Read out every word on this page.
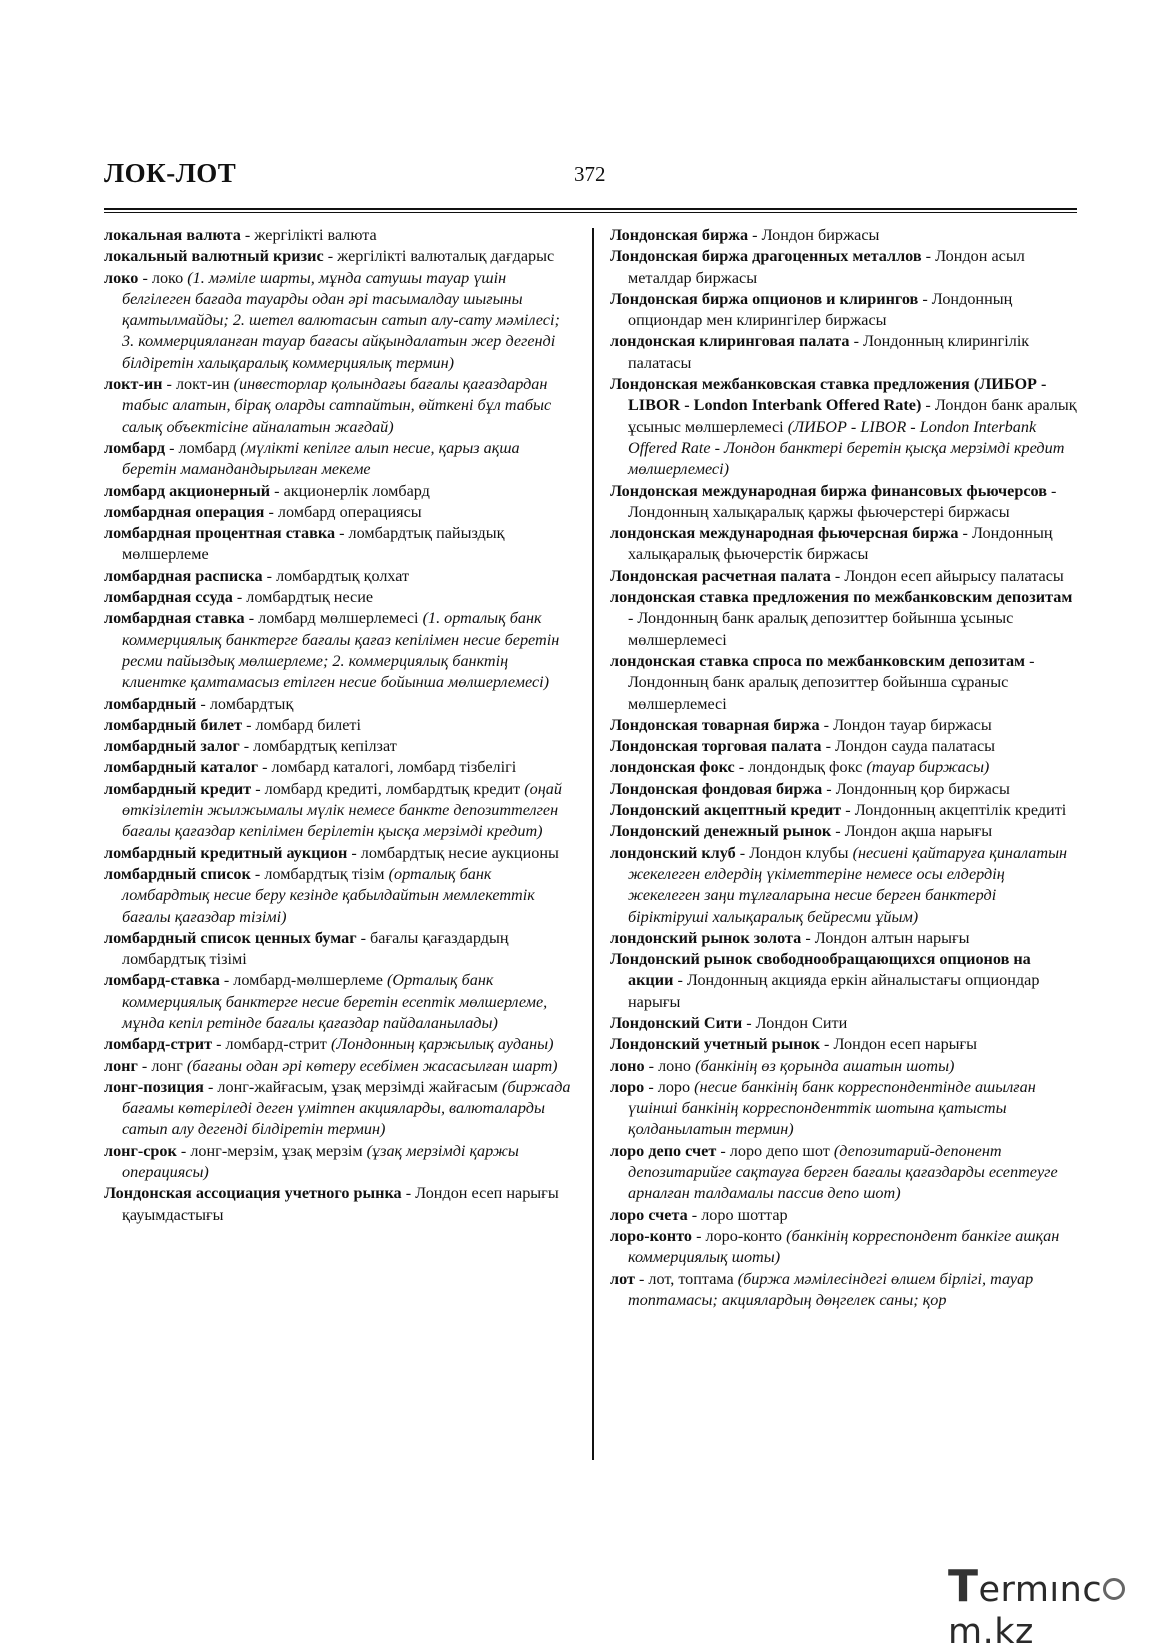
ЛОК-ЛОТ	372

локальная валюта - жергілікті валюта

локальный валютный кризис - жергілікті валюталық дағдарыс

локо - локо (1. мәміле шарты, мұнда сатушы тауар үшін белгілеген бағада тауарды одан әрі тасымалдау шығыны қамтылмайды; 2. шетел валютасын сатып алу-сату мәмілесі; 3. коммерцияланған тауар бағасы айқындалатын жер дегенді білдіретін халықаралық коммерциялық термин)

локт-ин - локт-ин (инвесторлар қолындағы бағалы қағаздардан табыс алатын, бірақ оларды сатпайтын, өйткені бұл табыс салық объектісіне айналатын жағдай)

ломбард - ломбард (мүлікті кепілге алып несие, қарыз ақша беретін мамандандырылған мекеме

ломбард акционерный - акционерлік ломбард

ломбардная операция - ломбард операциясы

ломбардная процентная ставка - ломбардтық пайыздық мөлшерлеме

ломбардная расписка - ломбардтық қолхат

ломбардная ссуда - ломбардтық несие

ломбардная ставка - ломбард мөлшерлемесі (1. орталық банк коммерциялық банктерге бағалы қағаз кепілімен несие беретін ресми пайыздық мөлшерлеме; 2. коммерциялық банктің клиентке қамтамасыз етілген несие бойынша мөлшерлемесі)

ломбардный - ломбардтық

ломбардный билет - ломбард билеті

ломбардный залог - ломбардтық кепілзат

ломбардный каталог - ломбард каталогі, ломбард тізбелігі

ломбардный кредит - ломбард кредиті, ломбардтық кредит (оңай өткізілетін жылжымалы мүлік немесе банкте депозиттелген бағалы қағаздар кепілімен берілетін қысқа мерзімді кредит)

ломбардный кредитный аукцион - ломбардтық несие аукционы

ломбардный список - ломбардтық тізім (орталық банк ломбардтық несие беру кезінде қабылдайтын мемлекеттік бағалы қағаздар тізімі)

ломбардный список ценных бумаг - бағалы қағаздардың ломбардтық тізімі

ломбард-ставка - ломбард-мөлшерлеме (Орталық банк коммерциялық банктерге несие беретін есептік мөлшерлеме, мұнда кепіл ретінде бағалы қағаздар пайдаланылады)

ломбард-стрит - ломбард-стрит (Лондонның қаржылық ауданы)

лонг - лонг (бағаны одан әрі көтеру есебімен жасасылған шарт)

лонг-позиция - лонг-жайғасым, ұзақ мерзімді жайғасым (биржада бағамы көтеріледі деген үмітпен акцияларды, валюталарды сатып алу дегенді білдіретін термин)

лонг-срок - лонг-мерзім, ұзақ мерзім (ұзақ мерзімді қаржы операциясы)

Лондонская ассоциация учетного рынка - Лондон есеп нарығы қауымдастығы

Лондонская биржа - Лондон биржасы

Лондонская биржа драгоценных металлов - Лондон асыл металдар биржасы

Лондонская биржа опционов и клирингов - Лондонның опциондар мен клирингілер биржасы

лондонская клиринговая палата - Лондонның клирингілік палатасы

Лондонская межбанковская ставка предложения (ЛИБОР - LIBOR - London Interbank Offered Rate) - Лондон банк аралық ұсыныс мөлшерлемесі (ЛИБОР - LIBOR - London Interbank Offered Rate - Лондон банктері беретін қысқа мерзімді кредит мөлшерлемесі)

Лондонская международная биржа финансовых фьючерсов - Лондонның халықаралық қаржы фьючерстері биржасы

лондонская международная фьючерсная биржа - Лондонның халықаралық фьючерстік биржасы

Лондонская расчетная палата - Лондон есеп айырысу палатасы

лондонская ставка предложения по межбанковским депозитам - Лондонның банк аралық депозиттер бойынша ұсыныс мөлшерлемесі

лондонская ставка спроса по межбанковским депозитам - Лондонның банк аралық депозиттер бойынша сұраныс мөлшерлемесі

Лондонская товарная биржа - Лондон тауар биржасы

Лондонская торговая палата - Лондон сауда палатасы

лондонская фокс - лондондық фокс (тауар биржасы)

Лондонская фондовая биржа - Лондонның қор биржасы

Лондонский акцептный кредит - Лондонның акцептілік кредиті

Лондонский денежный рынок - Лондон ақша нарығы

лондонский клуб - Лондон клубы (несиені қайтаруға қиналатын жекелеген елдердің үкіметтеріне немесе осы елдердің жекелеген заңи тұлғаларына несие берген банктерді біріктіруші халықаралық бейресми ұйым)

лондонский рынок золота - Лондон алтын нарығы

Лондонский рынок свободнообращающихся опционов на акции - Лондонның акцияда еркін айналыстағы опциондар нарығы

Лондонский Сити - Лондон Сити

Лондонский учетный рынок - Лондон есеп нарығы

лоно - лоно (банкінің өз қорында ашатын шоты)

лоро - лоро (несие банкінің банк корреспондентінде ашылған үшінші банкінің корреспонденттік шотына қатысты қолданылатын термин)

лоро депо счет - лоро депо шот (депозитарий-депонент депозитарийге сақтауға берген бағалы қағаздарды есептеуге арналған талдамалы пассив депо шот)

лоро счета - лоро шоттар

лоро-конто - лоро-конто (банкінің корреспондент банкіге ашқан коммерциялық шоты)

лот - лот, топтама (биржа мәмілесіндегі өлшем бірлігі, тауар топтамасы; акциялардың дөңгелек саны; қор

Termıncm.kz
